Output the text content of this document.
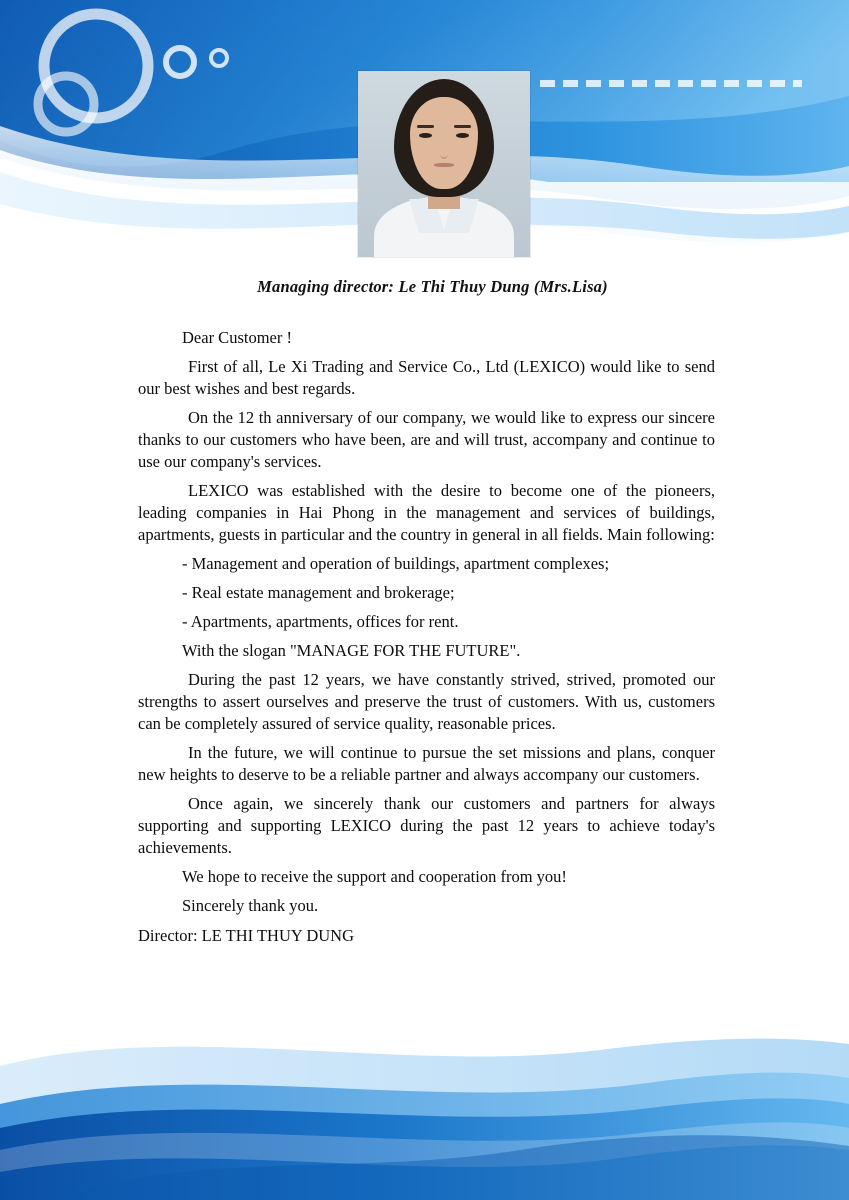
Managing director: Le Thi Thuy Dung (Mrs.Lisa)

Dear Customer !

First of all, Le Xi Trading and Service Co., Ltd (LEXICO) would like to send our best wishes and best regards.

On the 12 th anniversary of our company, we would like to express our sincere thanks to our customers who have been, are and will trust, accompany and continue to use our company's services.

LEXICO was established with the desire to become one of the pioneers, leading companies in Hai Phong in the management and services of buildings, apartments, guests in particular and the country in general in all fields. Main following:

- Management and operation of buildings, apartment complexes;

- Real estate management and brokerage;

- Apartments, apartments, offices for rent.

With the slogan "MANAGE FOR THE FUTURE".

During the past 12 years, we have constantly strived, strived, promoted our strengths to assert ourselves and preserve the trust of customers. With us, customers can be completely assured of service quality, reasonable prices.

In the future, we will continue to pursue the set missions and plans, conquer new heights to deserve to be a reliable partner and always accompany our customers.

Once again, we sincerely thank our customers and partners for always supporting and supporting LEXICO during the past 12 years to achieve today's achievements.

We hope to receive the support and cooperation from you!

Sincerely thank you.

Director: LE THI THUY DUNG
